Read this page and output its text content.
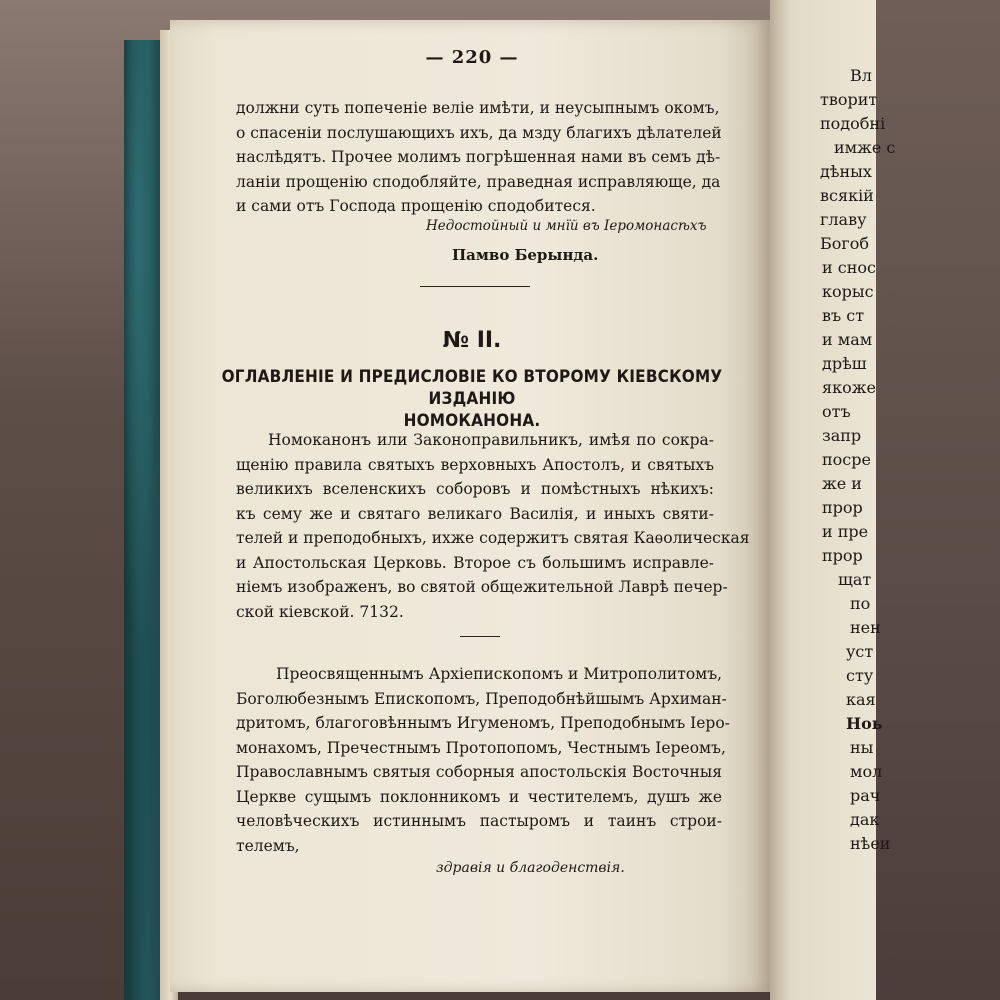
— 220 —
должни суть попеченіе веліе имѣти, и неусыпнымъ окомъ,
о спасеніи послушающихъ ихъ, да мзду благихъ дѣлателей
наслѣдятъ. Прочее молимъ погрѣшенная нами въ семъ дѣ-
ланіи прощенію сподобляйте, праведная исправляюще, да
и сами отъ Господа прощенію сподобитеся.
Недостойный и мнїй въ Іеромонасѣхъ
Памво Берында.
№ II.
ОГЛАВЛЕНІЕ И ПРЕДИСЛОВІЕ КО ВТОРОМУ КІЕВСКОМУ ИЗДАНІЮ
НОМОКАНОНА.
Номоканонъ или Законоправильникъ, имѣя по сокра-
щенію правила святыхъ верховныхъ Апостолъ, и святыхъ
великихъ вселенскихъ соборовъ и помѣстныхъ нѣкихъ:
къ сему же и святаго великаго Василія, и иныхъ святи-
телей и преподобныхъ, ихже содержитъ святая Каѳолическая
и Апостольская Церковь. Второе съ большимъ исправле-
ніемъ изображенъ, во святой общежительной Лаврѣ печер-
ской кіевской. 7132.
Преосвященнымъ Архіепископомъ и Митрополитомъ,
Боголюбезнымъ Епископомъ, Преподобнѣйшымъ Архиман-
дритомъ, благоговѣннымъ Игуменомъ, Преподобнымъ Іеро-
монахомъ, Пречестнымъ Протопопомъ, Честнымъ Іереомъ,
Православнымъ святыя соборныя апостольскія Восточныя
Церкве сущымъ поклонникомъ и честитeлемъ, душъ же
человѣческихъ истиннымъ пастыромъ и таинъ строи-
телемъ,
здравія и благоденствія.
Вл
творит
подобні
имже с
дѣных
всякій
главу
Богоб
и снос
корыс
въ ст
и мам
дрѣш
якоже
отъ
запр
посре
же и
прор
и пре
прор
щат
по
нен
уст
сту
кая
Ноь
ны
мол
рач
дак
нѣеи
